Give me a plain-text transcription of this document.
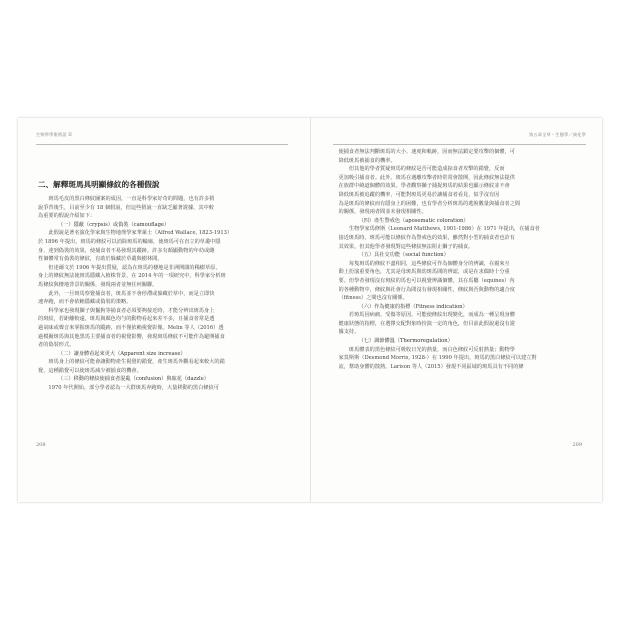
生物學學術術語 II
二、解釋斑馬具明顯條紋的各種假說
斑馬毛皮的黑白條紋圖案的成因，一直是科學家好奇的問題，也有許多假
說爭背後生，目前至少有 18 個假說，但這些假說一直缺乏顯著證據，其中較
為重要的假說介紹如下：
（一）隱蔽（crypsis）或偽裝（camouflage）
此假說是著名演化學家與生物地理學家華萊士（Alfred Wallace, 1823-1913）
於 1896 年提出，斑馬的條紋可以消除斑馬的輪廓，使斑馬可在直立的草叢中隱
身，達到偽裝的效果，使捕食者不易發現其蹤跡。許多有顏顯動物的年幼或雌
性個體常有偽裝的條紋，有助於躲藏於草叢與樹林間。
但達爾文於 1906 年提出質疑，認為在斑馬的棲地是非洲開闊的稀樹草原，
身上的條紋無法使斑馬隱藏入植株背景，在 2014 年的一項研究中，科學家分析斑
馬條紋與棲地背景的關係，發現兩者並無任何關聯。
此外，一旦斑馬察覺捕食者，斑馬並不會停滯或躲藏於草中，而是立即快
速奔跑，而不會依賴隱藏或偽裝的策略。
科學家也發現獅子與鬣狗等捕食者必須要夠接近時，才能分辨出斑馬身上
的斑紋，若距離較遠，斑馬與顏色均勻的動物看起來差不多，且捕食者常是透
過氣味或聲音來掌握斑馬的蹤跡，而不僅依賴視覺影像。Melin 等人（2016）透
過模擬斑馬與其他黑馬主要捕食者的視覺影響，發現斑馬條紋不可能作為避開捕食
者的偽裝形式。
（二）讓身體看起來更大（Apparent size increase）
斑馬身上的條紋可能會讓動物產生視覺的錯覺，產生斑馬外觀看起來較大的錯
覺，這種錯覺可以使斑馬減少被捕食的機會。
（三）移動的條紋使捕食者混亂（confusion）與眩花（dazzle）
1970 年代開始，部分學者認為一大群斑馬奔跑時，大量移動的黑白條紋可
208
第五章全草・生態學／演化學
使捕食者無法判斷斑馬的大小、速度和軌跡，因而無法鎖定要攻擊的個體，可
降低斑馬被捕食的機率。
但其他的學者質疑斑馬的條紋是否可能造成掠食者攻擊的錯覺，反而
更加吸引捕食者。此外，斑馬在遇離攻擊者時常常會散開，因此條紋無法提供
在族群中繞道個體的效果。學者觀察獅子捕捉斑馬的結果也顯示條紋並不會
降低斑馬被追蹤的機率，可能對斑馬更易於讓捕食者看見，似乎沒有因
為是斑馬的條紋而有隱身上的困難，也有學者分析斑馬的逃脫數量與捕食者之間
的關係，發現兩者間並未發現相關性。
（四）產生警戒色（aposematic coloration）
生物學家馬修斯（Leonard Matthews, 1901-1986）在 1971 年提出，在捕食者
接近斑馬時，斑馬可能以條紋作為警戒色的效果，雖然對小型的捕食者也許有
其效果，但其他學者發現對這些條紋無法阻止獅子的捕食。
（五）具社交功能（social function）
每隻斑馬的條紋不盡相同，這些條紋可作為個體身分的辨識，在親來互
動上扮演重要角色，尤其是母斑馬與幼斑馬間的辨認，或是在求偶時十分重
要。但學者發現沒有斑紋的馬也可以視覺辨識個體，其在馬屬（equines）內
的各種動物中，條紋與社會行為間沒有發現相關性，條紋與否與動物的適合度
（fitness）之間也沒有關係。
（六）作為健康的指標（Fitness indication）
若斑馬因病痛、受傷等原因，可能使條紋出現變化，而成為一種呈現身體
健康狀態的指標，在選擇交配對象時扮演一定的角色，但目前此假說還沒有證
據支持。
（七）調節體溫（Thermoregulation）
斑馬體表的黑色條紋可吸收日光的熱量，而白色條紋可反射熱量；動物學
家莫斯斯（Desmond Morris, 1928-）在 1990 年提出，斑馬的黑白條紋可以建立對
流，幫助身體的散熱。Larison 等人（2015）發現不同區域的斑馬具有不同的條
209
